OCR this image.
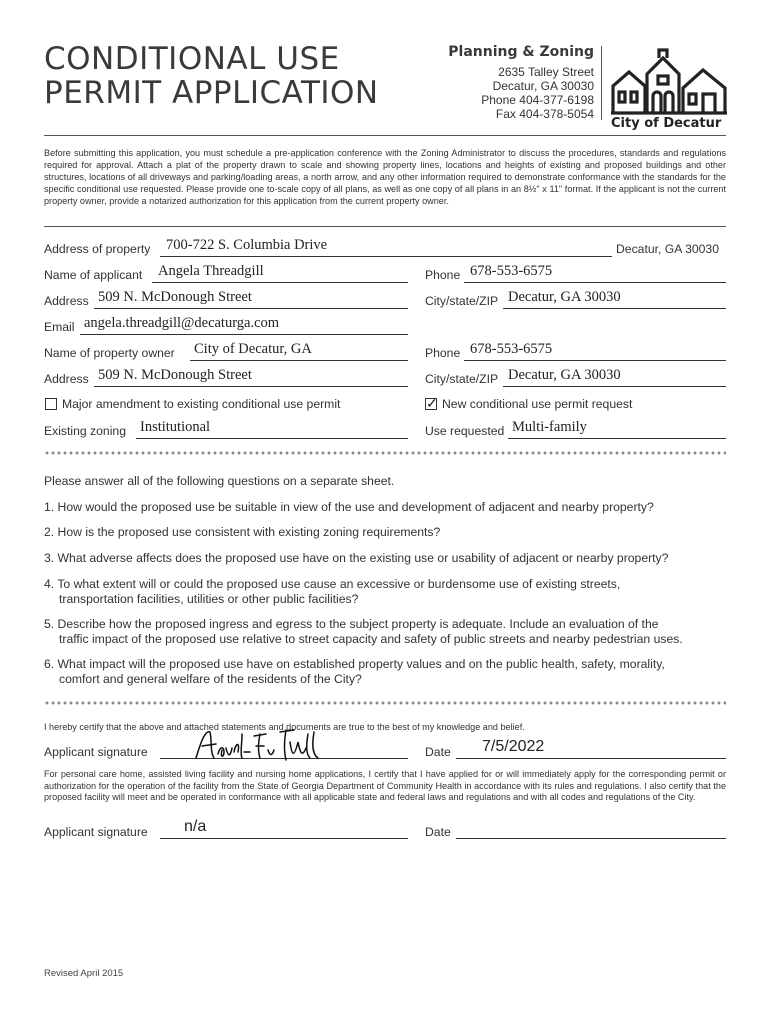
CONDITIONAL USE
PERMIT APPLICATION
Planning & Zoning
2635 Talley Street
Decatur, GA 30030
Phone 404-377-6198
Fax 404-378-5054
City of Decatur
Before submitting this application, you must schedule a pre-application conference with the Zoning Administrator to discuss the procedures, standards and regulations required for approval. Attach a plat of the property drawn to scale and showing property lines, locations and heights of existing and proposed buildings and other structures, locations of all driveways and parking/loading areas, a north arrow, and any other information required to demonstrate conformance with the standards for the specific conditional use requested. Please provide one to-scale copy of all plans, as well as one copy of all plans in an 8½" x 11" format. If the applicant is not the current property owner, provide a notarized authorization for this application from the current property owner.
Address of property 700-722 S. Columbia Drive	Decatur, GA 30030
Name of applicant Angela Threadgill	Phone 678-553-6575
Address 509 N. McDonough Street	City/state/ZIP Decatur, GA 30030
Email angela.threadgill@decaturga.com
Name of property owner City of Decatur, GA	Phone 678-553-6575
Address 509 N. McDonough Street	City/state/ZIP Decatur, GA 30030
Major amendment to existing conditional use permit	✓ New conditional use permit request
Existing zoning Institutional	Use requested Multi-family
Please answer all of the following questions on a separate sheet.
1. How would the proposed use be suitable in view of the use and development of adjacent and nearby property?
2. How is the proposed use consistent with existing zoning requirements?
3. What adverse affects does the proposed use have on the existing use or usability of adjacent or nearby property?
4. To what extent will or could the proposed use cause an excessive or burdensome use of existing streets,
transportation facilities, utilities or other public facilities?
5. Describe how the proposed ingress and egress to the subject property is adequate. Include an evaluation of the
traffic impact of the proposed use relative to street capacity and safety of public streets and nearby pedestrian uses.
6. What impact will the proposed use have on established property values and on the public health, safety, morality,
comfort and general welfare of the residents of the City?
I hereby certify that the above and attached statements and documents are true to the best of my knowledge and belief.
Applicant signature	Date 7/5/2022
For personal care home, assisted living facility and nursing home applications, I certify that I have applied for or will immediately apply for the corresponding permit or authorization for the operation of the facility from the State of Georgia Department of Community Health in accordance with its rules and regulations. I also certify that the proposed facility will meet and be operated in conformance with all applicable state and federal laws and regulations and with all codes and regulations of the City.
Applicant signature n/a	Date
Revised April 2015
